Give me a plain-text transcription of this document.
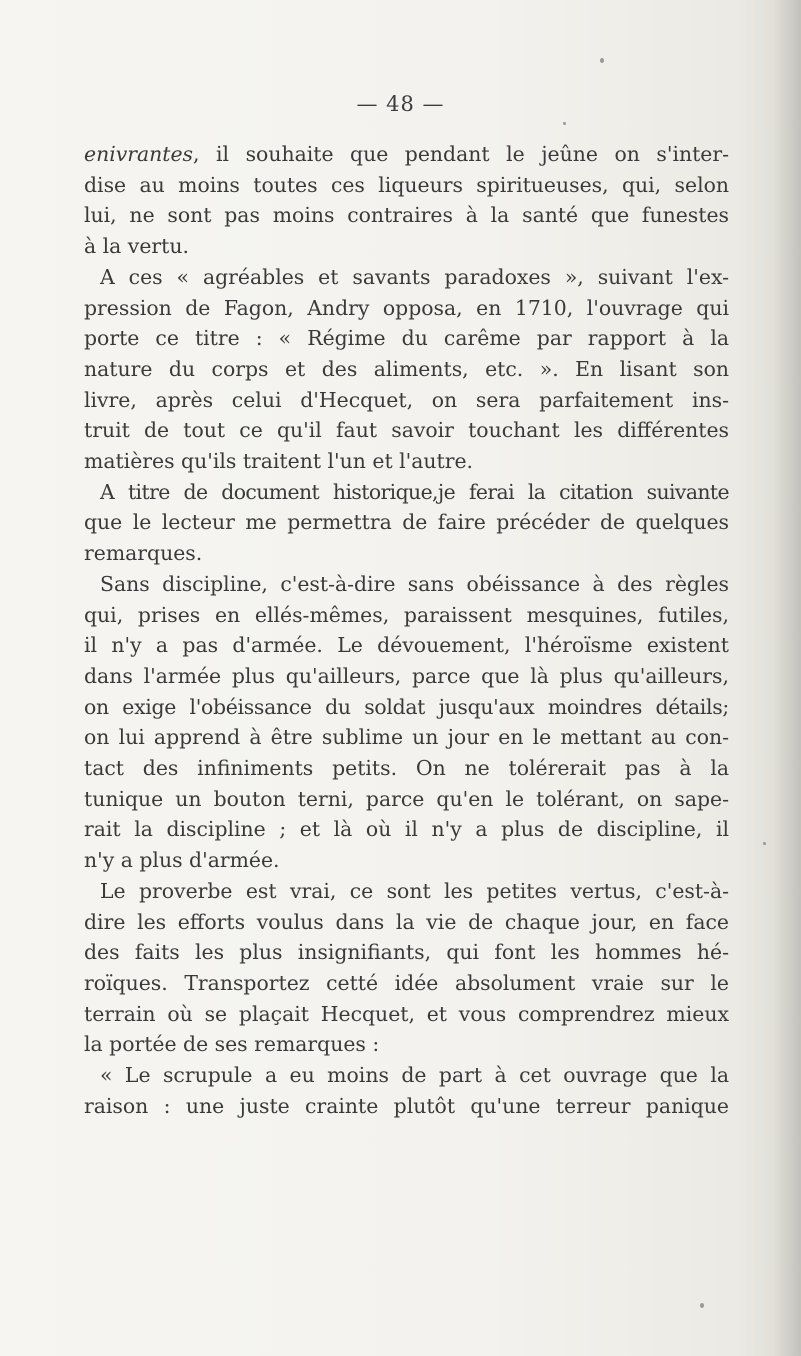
— 48 —
enivrantes, il souhaite que pendant le jeûne on s'inter-
dise au moins toutes ces liqueurs spiritueuses, qui, selon
lui, ne sont pas moins contraires à la santé que funestes
à la vertu.
A ces « agréables et savants paradoxes », suivant l'ex-
pression de Fagon, Andry opposa, en 1710, l'ouvrage qui
porte ce titre : « Régime du carême par rapport à la
nature du corps et des aliments, etc. ». En lisant son
livre, après celui d'Hecquet, on sera parfaitement ins-
truit de tout ce qu'il faut savoir touchant les différentes
matières qu'ils traitent l'un et l'autre.
A titre de document historique,je ferai la citation suivante
que le lecteur me permettra de faire précéder de quelques
remarques.
Sans discipline, c'est-à-dire sans obéissance à des règles
qui, prises en ellés-mêmes, paraissent mesquines, futiles,
il n'y a pas d'armée. Le dévouement, l'héroïsme existent
dans l'armée plus qu'ailleurs, parce que là plus qu'ailleurs,
on exige l'obéissance du soldat jusqu'aux moindres détails;
on lui apprend à être sublime un jour en le mettant au con-
tact des infiniments petits. On ne tolérerait pas à la
tunique un bouton terni, parce qu'en le tolérant, on sape-
rait la discipline ; et là où il n'y a plus de discipline, il
n'y a plus d'armée.
Le proverbe est vrai, ce sont les petites vertus, c'est-à-
dire les efforts voulus dans la vie de chaque jour, en face
des faits les plus insignifiants, qui font les hommes hé-
roïques. Transportez cetté idée absolument vraie sur le
terrain où se plaçait Hecquet, et vous comprendrez mieux
la portée de ses remarques :
« Le scrupule a eu moins de part à cet ouvrage que la
raison : une juste crainte plutôt qu'une terreur panique
